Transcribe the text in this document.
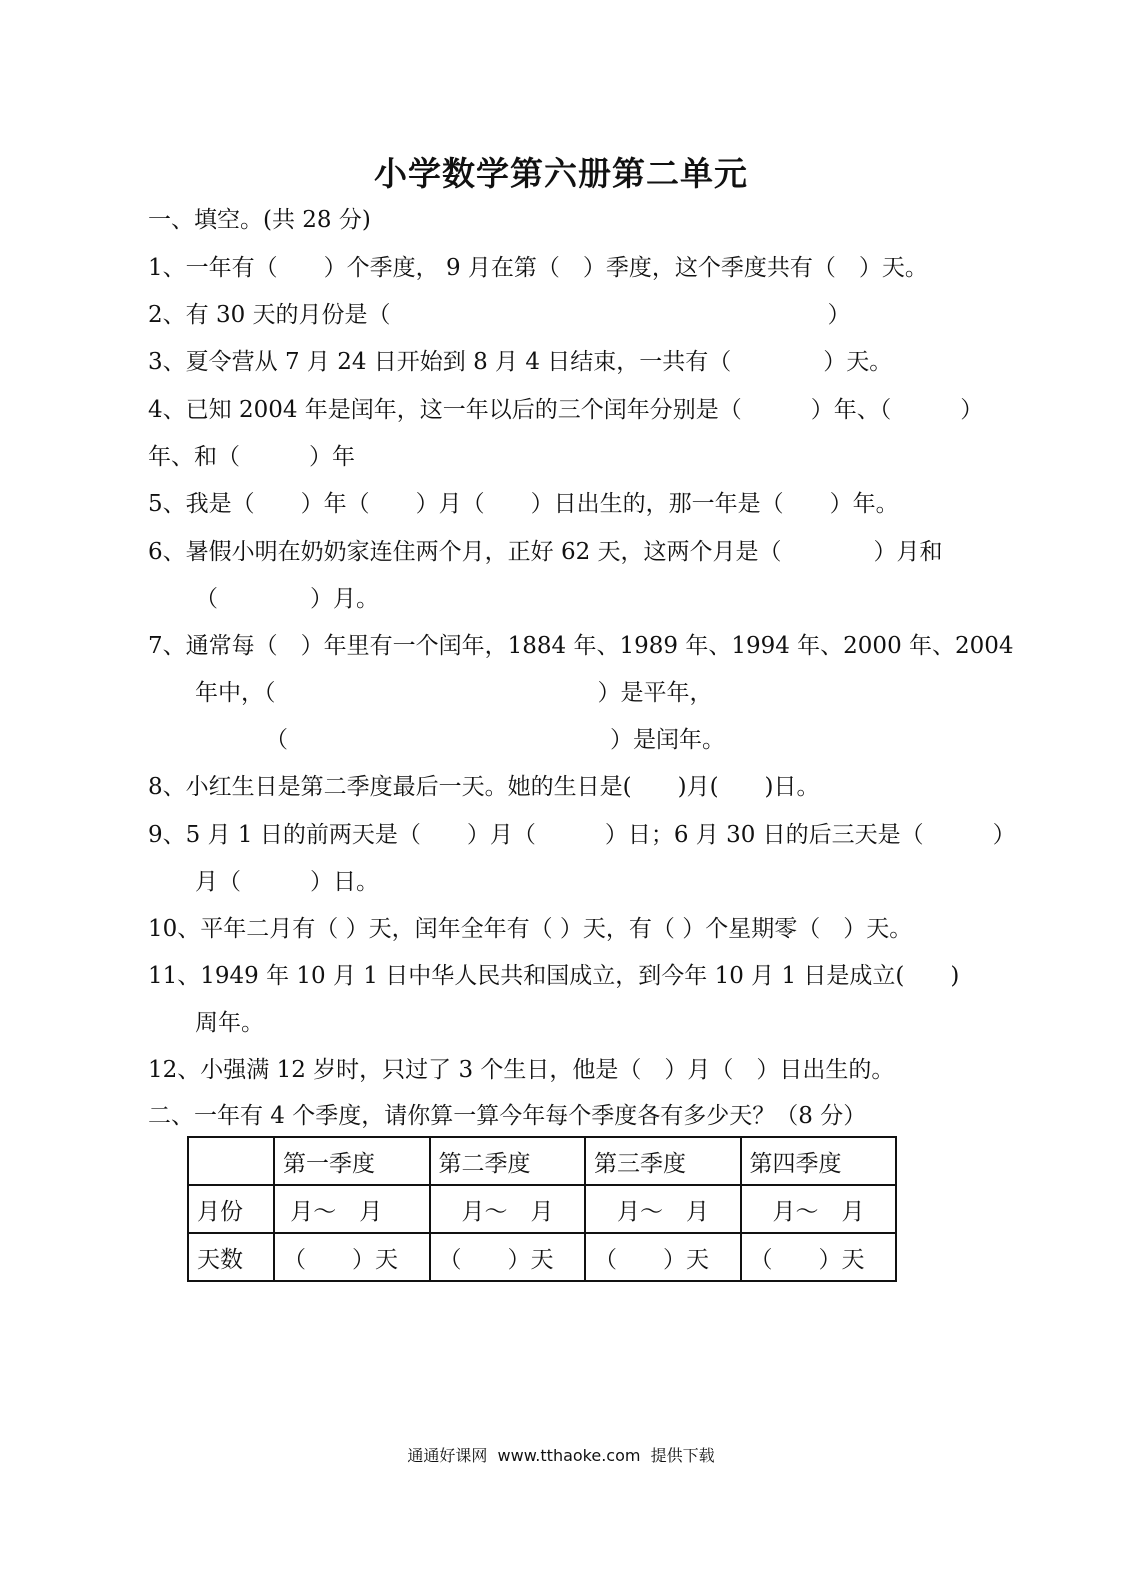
小学数学第六册第二单元
一、填空。(共 28 分)
1、一年有（　　）个季度， 9 月在第（　）季度，这个季度共有（　）天。
2、有 30 天的月份是（　　　　　　　　　　　　　　　　　　　）
3、夏令营从 7 月 24 日开始到 8 月 4 日结束，一共有（　　　　）天。
4、已知 2004 年是闰年，这一年以后的三个闰年分别是（　　　）年、（　　　）
年、和（　　　）年
5、我是（　　）年（　　）月（　　）日出生的，那一年是（　　）年。
6、暑假小明在奶奶家连住两个月，正好 62 天，这两个月是（　　　　）月和
（　　　　）月。
7、通常每（　）年里有一个闰年，1884 年、1989 年、1994 年、2000 年、2004
年中，（　　　　　　　　　　　　　　）是平年，
（　　　　　　　　　　　　　　）是闰年。
8、小红生日是第二季度最后一天。她的生日是(　　)月(　　)日。
9、5 月 1 日的前两天是（　　）月（　　　）日；6 月 30 日的后三天是（　　　）
月（　　　）日。
10、平年二月有（ ）天，闰年全年有（ ）天，有（ ）个星期零（　）天。
11、1949 年 10 月 1 日中华人民共和国成立，到今年 10 月 1 日是成立(　　)
周年。
12、小强满 12 岁时，只过了 3 个生日，他是（　）月（　）日出生的。
二、一年有 4 个季度，请你算一算今年每个季度各有多少天？（8 分）
	第一季度	第二季度	第三季度	第四季度
月份	月～　月	　月～　月	　月～　月	　月～　月
天数	（　　）天	（　　）天	（　　）天	（　　）天
通通好课网  www.tthaoke.com  提供下载
